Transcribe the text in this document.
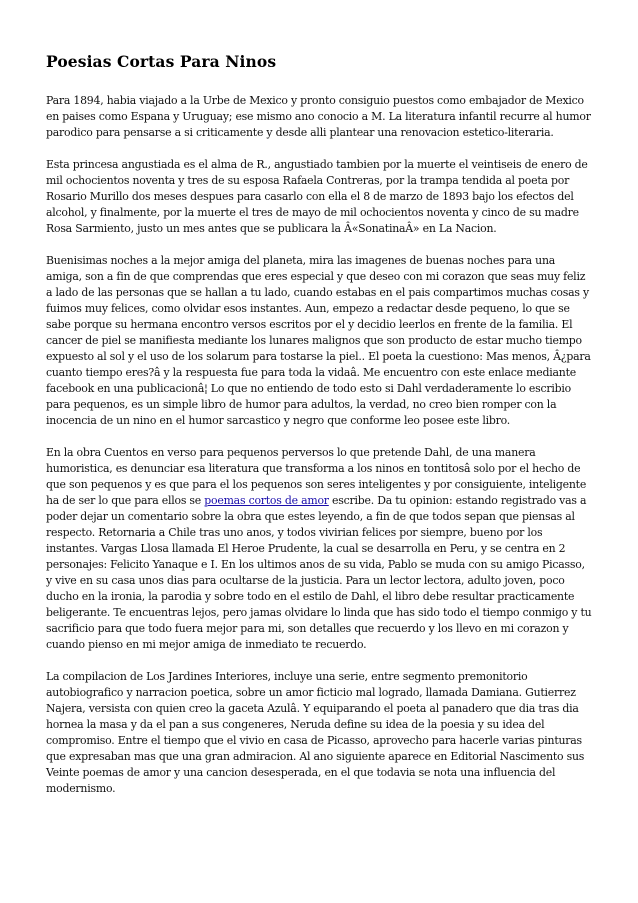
Poesias Cortas Para Ninos

Para 1894, habia viajado a la Urbe de Mexico y pronto consiguio puestos como embajador de Mexico en paises como Espana y Uruguay; ese mismo ano conocio a M. La literatura infantil recurre al humor parodico para pensarse a si criticamente y desde alli plantear una renovacion estetico-literaria.

Esta princesa angustiada es el alma de R., angustiado tambien por la muerte el veintiseis de enero de mil ochocientos noventa y tres de su esposa Rafaela Contreras, por la trampa tendida al poeta por Rosario Murillo dos meses despues para casarlo con ella el 8 de marzo de 1893 bajo los efectos del alcohol, y finalmente, por la muerte el tres de mayo de mil ochocientos noventa y cinco de su madre Rosa Sarmiento, justo un mes antes que se publicara la Â«SonatinaÂ» en La Nacion.

Buenisimas noches a la mejor amiga del planeta, mira las imagenes de buenas noches para una amiga, son a fin de que comprendas que eres especial y que deseo con mi corazon que seas muy feliz a lado de las personas que se hallan a tu lado, cuando estabas en el pais compartimos muchas cosas y fuimos muy felices, como olvidar esos instantes. Aun, empezo a redactar desde pequeno, lo que se sabe porque su hermana encontro versos escritos por el y decidio leerlos en frente de la familia. El cancer de piel se manifiesta mediante los lunares malignos que son producto de estar mucho tiempo expuesto al sol y el uso de los solarum para tostarse la piel.. El poeta la cuestiono: Mas menos, Â¿para cuanto tiempo eres?â y la respuesta fue para toda la vidaâ. Me encuentro con este enlace mediante facebook en una publicacionâ¦ Lo que no entiendo de todo esto si Dahl verdaderamente lo escribio para pequenos, es un simple libro de humor para adultos, la verdad, no creo bien romper con la inocencia de un nino en el humor sarcastico y negro que conforme leo posee este libro.

En la obra Cuentos en verso para pequenos perversos lo que pretende Dahl, de una manera humoristica, es denunciar esa literatura que transforma a los ninos en tontitosâ solo por el hecho de que son pequenos y es que para el los pequenos son seres inteligentes y por consiguiente, inteligente ha de ser lo que para ellos se poemas cortos de amor escribe. Da tu opinion: estando registrado vas a poder dejar un comentario sobre la obra que estes leyendo, a fin de que todos sepan que piensas al respecto. Retornaria a Chile tras uno anos, y todos vivirian felices por siempre, bueno por los instantes. Vargas Llosa llamada El Heroe Prudente, la cual se desarrolla en Peru, y se centra en 2 personajes: Felicito Yanaque e I. En los ultimos anos de su vida, Pablo se muda con su amigo Picasso, y vive en su casa unos dias para ocultarse de la justicia. Para un lector lectora, adulto joven, poco ducho en la ironia, la parodia y sobre todo en el estilo de Dahl, el libro debe resultar practicamente beligerante. Te encuentras lejos, pero jamas olvidare lo linda que has sido todo el tiempo conmigo y tu sacrificio para que todo fuera mejor para mi, son detalles que recuerdo y los llevo en mi corazon y cuando pienso en mi mejor amiga de inmediato te recuerdo.

La compilacion de Los Jardines Interiores, incluye una serie, entre segmento premonitorio autobiografico y narracion poetica, sobre un amor ficticio mal logrado, llamada Damiana. Gutierrez Najera, versista con quien creo la gaceta Azulâ. Y equiparando el poeta al panadero que dia tras dia hornea la masa y da el pan a sus congeneres, Neruda define su idea de la poesia y su idea del compromiso. Entre el tiempo que el vivio en casa de Picasso, aprovecho para hacerle varias pinturas que expresaban mas que una gran admiracion. Al ano siguiente aparece en Editorial Nascimento sus Veinte poemas de amor y una cancion desesperada, en el que todavia se nota una influencia del modernismo.
